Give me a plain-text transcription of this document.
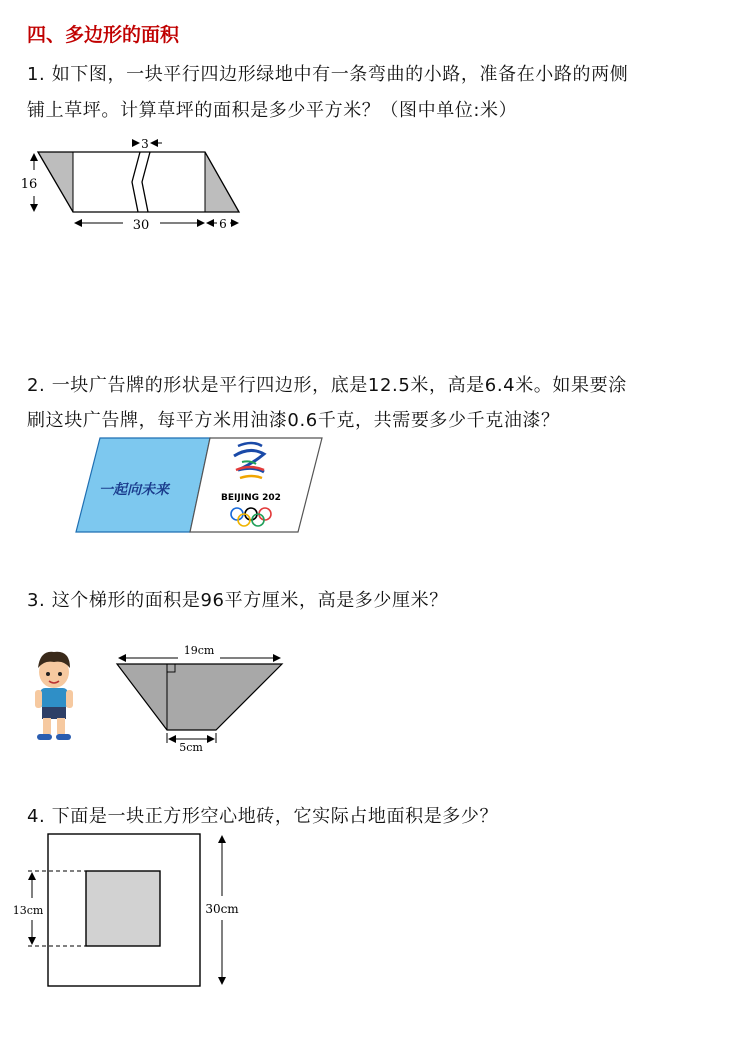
四、多边形的面积
1. 如下图，一块平行四边形绿地中有一条弯曲的小路，准备在小路的两侧
铺上草坪。计算草坪的面积是多少平方米？（图中单位:米）
3
16
30	6
2. 一块广告牌的形状是平行四边形，底是12.5米，高是6.4米。如果要涂
刷这块广告牌，每平方米用油漆0.6千克，共需要多少千克油漆？
一起向未来	BEIJING 202
3. 这个梯形的面积是96平方厘米，高是多少厘米？
19cm
5cm
4. 下面是一块正方形空心地砖，它实际占地面积是多少？
13cm	30cm
